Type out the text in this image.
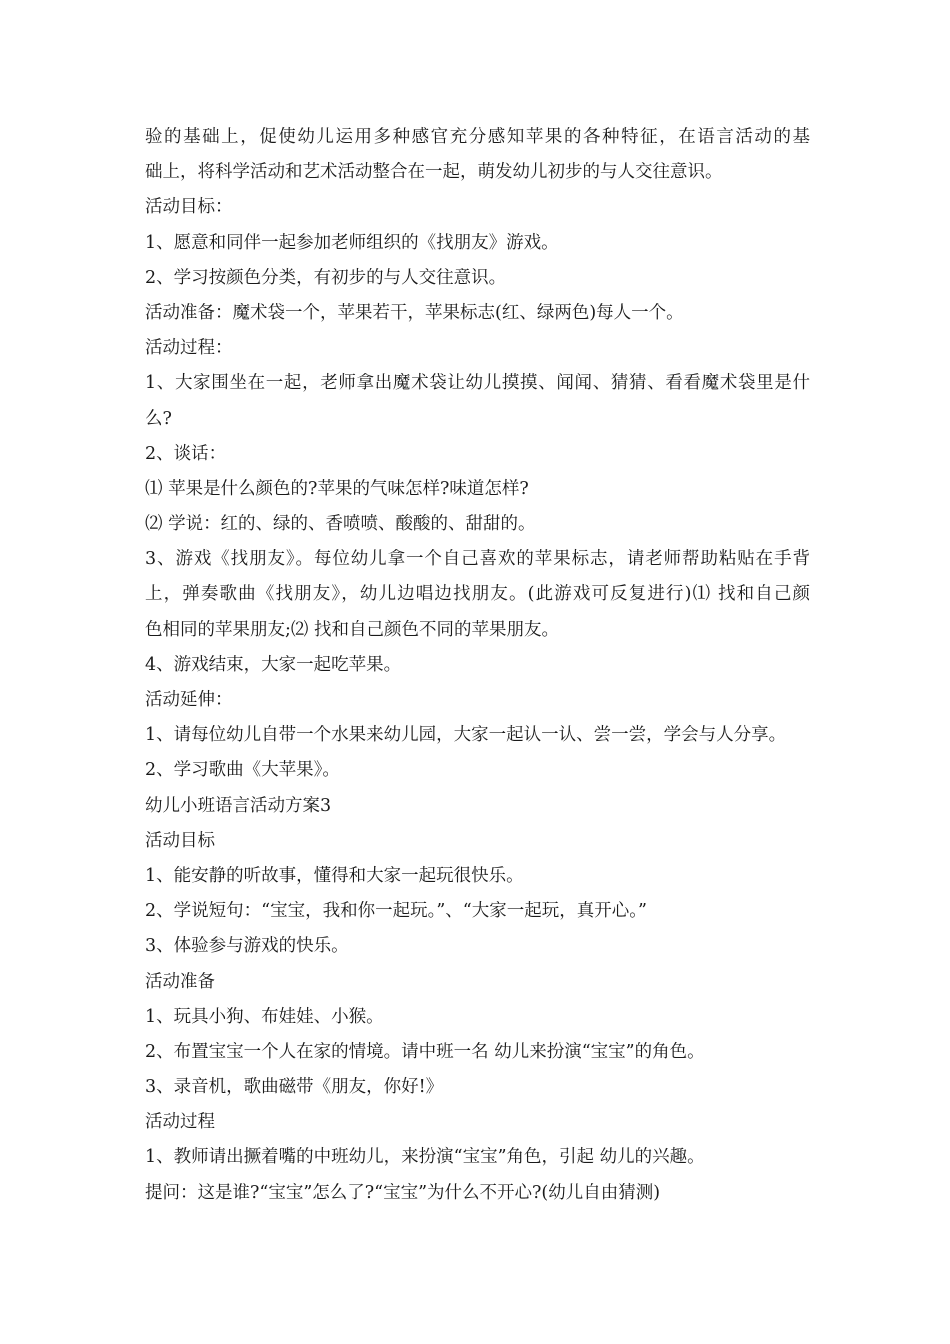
验的基础上，促使幼儿运用多种感官充分感知苹果的各种特征，在语言活动的基
础上，将科学活动和艺术活动整合在一起，萌发幼儿初步的与人交往意识。
活动目标：
1、愿意和同伴一起参加老师组织的《找朋友》游戏。
2、学习按颜色分类，有初步的与人交往意识。
活动准备：魔术袋一个，苹果若干，苹果标志(红、绿两色)每人一个。
活动过程：
1、大家围坐在一起，老师拿出魔术袋让幼儿摸摸、闻闻、猜猜、看看魔术袋里是什
么?
2、谈话：
⑴ 苹果是什么颜色的?苹果的气味怎样?味道怎样?
⑵ 学说：红的、绿的、香喷喷、酸酸的、甜甜的。
3、游戏《找朋友》。每位幼儿拿一个自己喜欢的苹果标志，请老师帮助粘贴在手背
上，弹奏歌曲《找朋友》，幼儿边唱边找朋友。(此游戏可反复进行)⑴ 找和自己颜
色相同的苹果朋友;⑵ 找和自己颜色不同的苹果朋友。
4、游戏结束，大家一起吃苹果。
活动延伸：
1、请每位幼儿自带一个水果来幼儿园，大家一起认一认、尝一尝，学会与人分享。
2、学习歌曲《大苹果》。
幼儿小班语言活动方案3
活动目标
1、能安静的听故事，懂得和大家一起玩很快乐。
2、学说短句：“宝宝，我和你一起玩。”、“大家一起玩，真开心。”
3、体验参与游戏的快乐。
活动准备
1、玩具小狗、布娃娃、小猴。
2、布置宝宝一个人在家的情境。请中班一名 幼儿来扮演“宝宝”的角色。
3、录音机，歌曲磁带《朋友，你好!》
活动过程
1、教师请出撅着嘴的中班幼儿，来扮演“宝宝”角色，引起 幼儿的兴趣。
提问：这是谁?“宝宝”怎么了?“宝宝”为什么不开心?(幼儿自由猜测)
